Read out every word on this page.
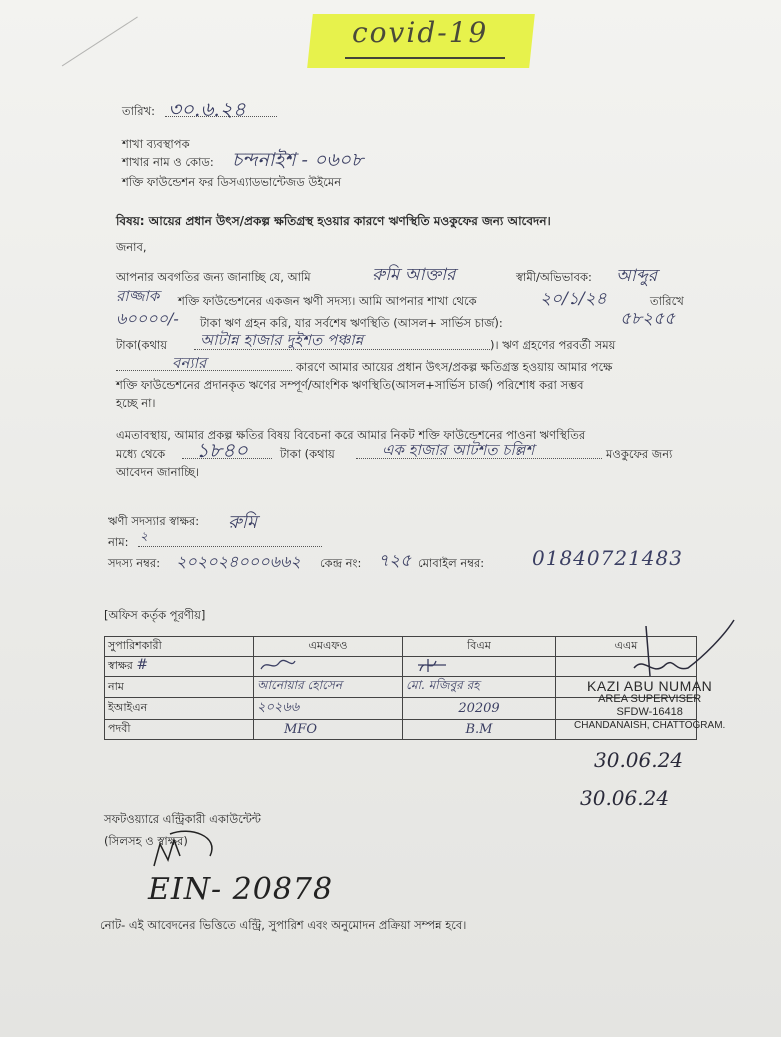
covid-19
তারিখ: ৩০.৬.২৪
শাখা ব্যবস্থাপক
শাখার নাম ও কোড: চন্দনাইশ - ০৬০৮
শক্তি ফাউন্ডেশন ফর ডিসএ্যাডভান্টেজড উইমেন
বিষয়: আয়ের প্রধান উৎস/প্রকল্প ক্ষতিগ্রস্থ হওয়ার কারণে ঋণস্থিতি মওকুফের জন্য আবেদন।
জনাব,
আপনার অবগতির জন্য জানাচ্ছি যে, আমি	রুমি আক্তার	স্বামী/অভিভাবক: আব্দুর
রাজ্জাক শক্তি ফাউন্ডেশনের একজন ঋণী সদস্য। আমি আপনার শাখা থেকে	২০/১/২৪	তারিখে
৬০০০০/- টাকা ঋণ গ্রহন করি, যার সর্বশেষ ঋণস্থিতি (আসল+ সার্ভিস চার্জ):	৫৮২৫৫
টাকা(কথায় আটান্ন হাজার দুইশত পঞ্চান্ন	)। ঋণ গ্রহণের পরবর্তী সময়
বন্যার	কারণে আমার আয়ের প্রধান উৎস/প্রকল্প ক্ষতিগ্রস্ত হওয়ায় আমার পক্ষে
শক্তি ফাউন্ডেশনের প্রদানকৃত ঋণের সম্পূর্ণ/আংশিক ঋণস্থিতি(আসল+সার্ভিস চার্জ) পরিশোধ করা সম্ভব
হচ্ছে না।
এমতাবস্থায়, আমার প্রকল্প ক্ষতির বিষয় বিবেচনা করে আমার নিকট শক্তি ফাউন্ডেশনের পাওনা ঋণস্থিতির
মধ্যে থেকে ১৮৪০	টাকা (কথায়	এক হাজার আটশত চল্লিশ	মওকুফের জন্য
আবেদন জানাচ্ছি।
ঋণী সদস্যার স্বাক্ষর: রুমি
নাম: ২
সদস্য নম্বর: ২০২০২৪০০০৬৬২ কেন্দ্র নং: ৭২৫ মোবাইল নম্বর: 01840721483
[অফিস কর্তৃক পূরণীয়]
সুপারিশকারী	এমএফও	বিএম	এএম
স্বাক্ষর #			
নাম	আনোয়ার হোসেন	মো. মজিবুর রহ	
ইআইএন	২০২৬৬	20209	
পদবী	MFO	B.M	
KAZI ABU NUMAN
AREA SUPERVISER
SFDW-16418
CHANDANAISH, CHATTOGRAM.
30.06.24
30.06.24
সফটওয়্যারে এন্ট্রিকারী একাউন্টেন্ট
(সিলসহ ও স্বাক্ষর)
EIN- 20878
নোট- এই আবেদনের ভিত্তিতে এন্ট্রি, সুপারিশ এবং অনুমোদন প্রক্রিয়া সম্পন্ন হবে।
